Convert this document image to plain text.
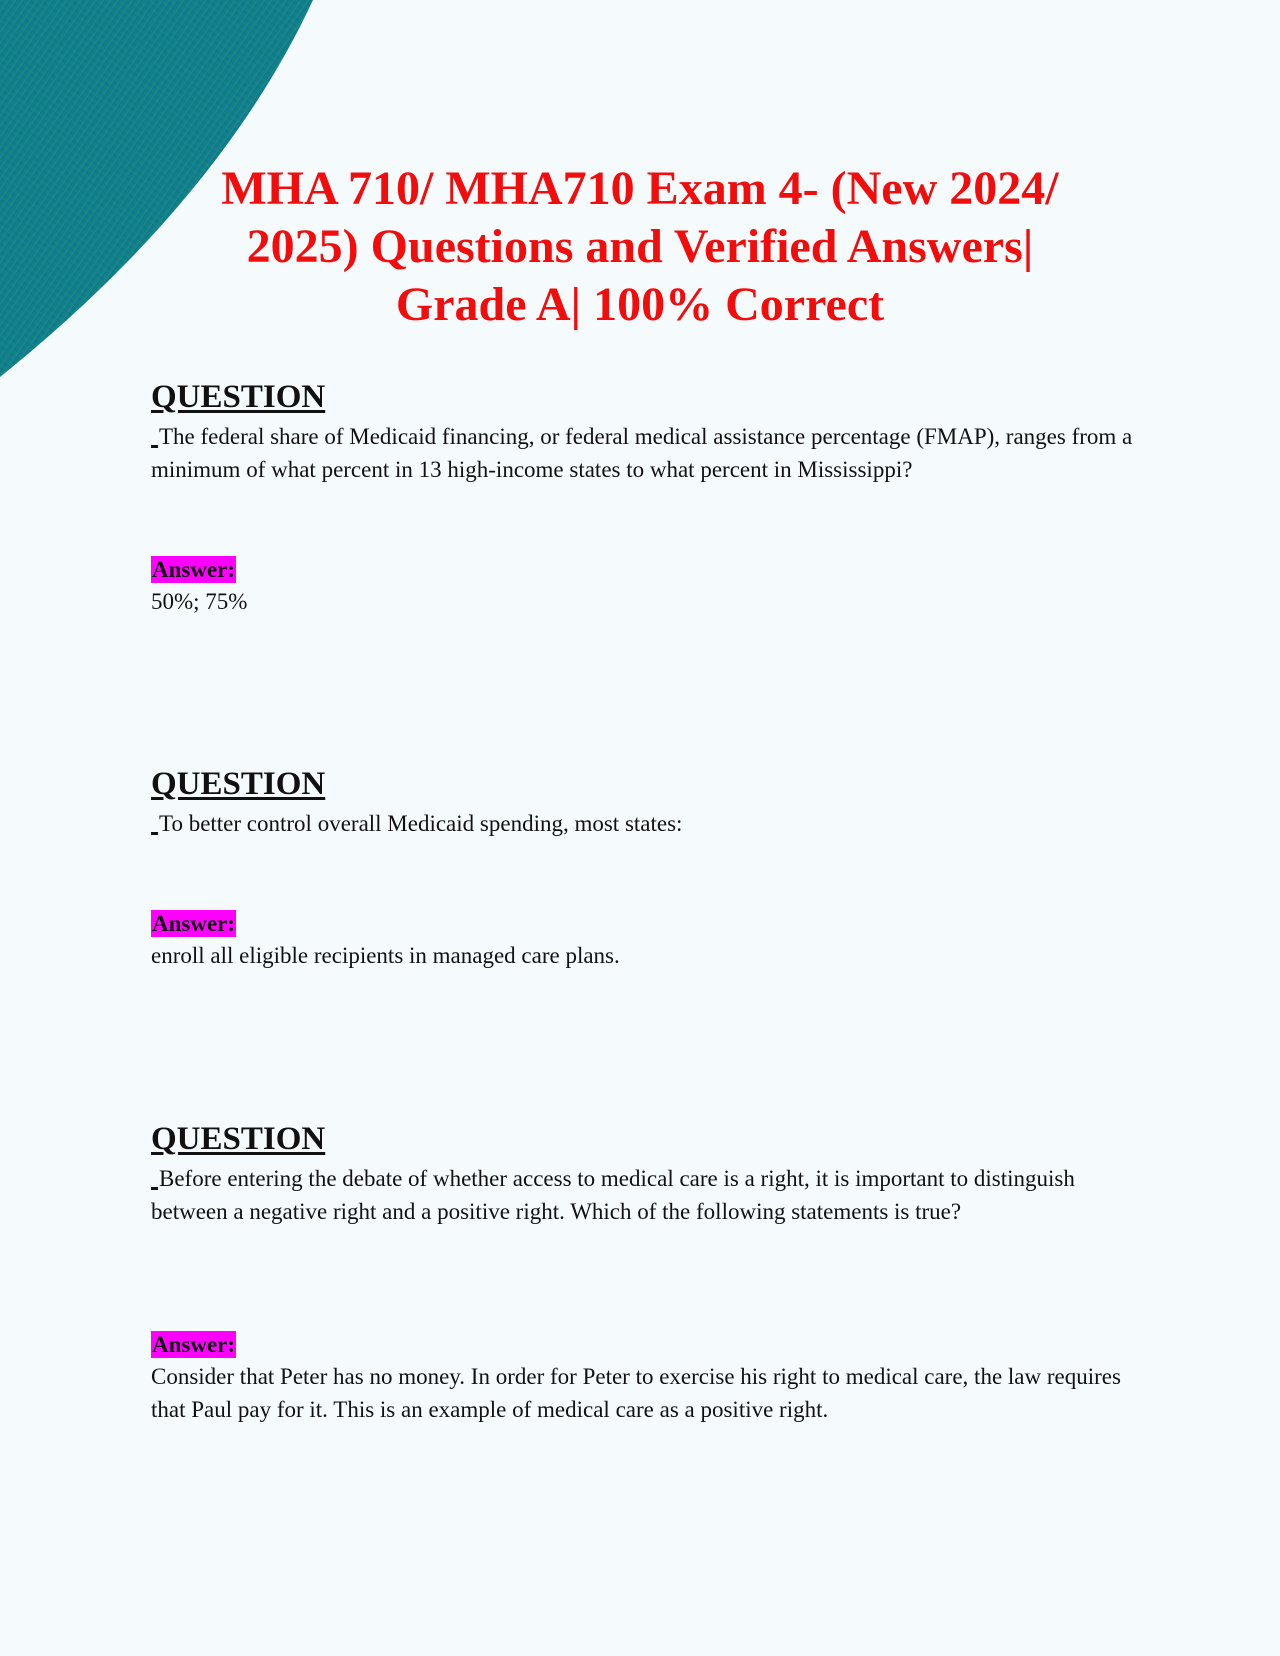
MHA 710/ MHA710 Exam 4- (New 2024/
2025) Questions and Verified Answers|
Grade A| 100% Correct

QUESTION

The federal share of Medicaid financing, or federal medical assistance percentage (FMAP), ranges from a minimum of what percent in 13 high-income states to what percent in Mississippi?

Answer:

50%; 75%

QUESTION

To better control overall Medicaid spending, most states:

Answer:

enroll all eligible recipients in managed care plans.

QUESTION

Before entering the debate of whether access to medical care is a right, it is important to distinguish between a negative right and a positive right. Which of the following statements is true?

Answer:

Consider that Peter has no money. In order for Peter to exercise his right to medical care, the law requires that Paul pay for it. This is an example of medical care as a positive right.
